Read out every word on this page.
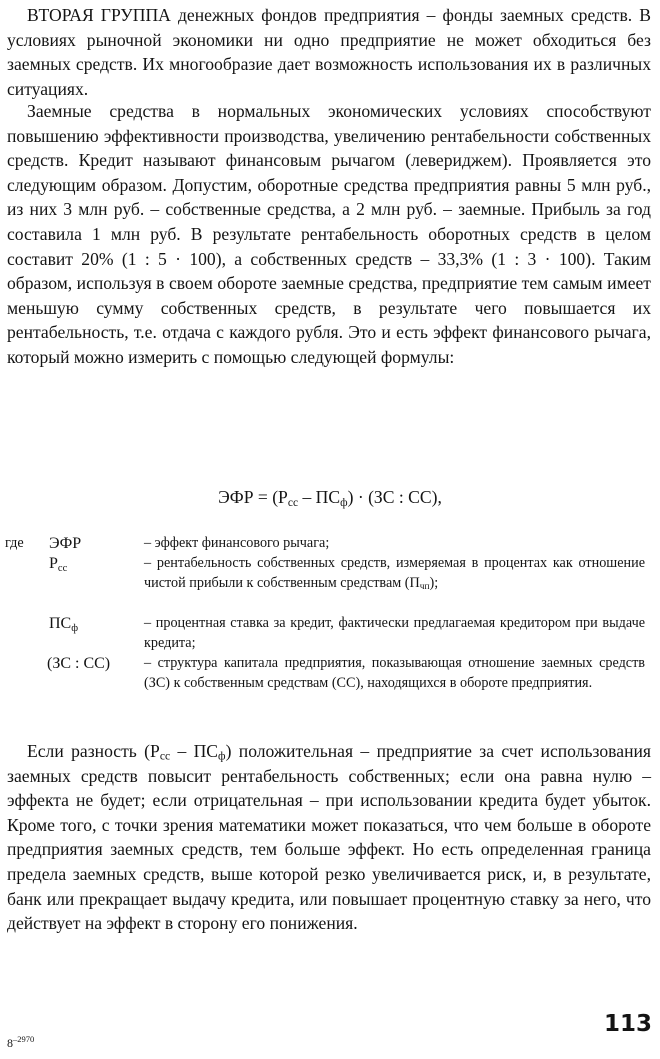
ВТОРАЯ ГРУППА денежных фондов предприятия – фонды заемных средств. В условиях рыночной экономики ни одно предприятие не может обходиться без заемных средств. Их многообразие дает возможность использования их в различных ситуациях.

Заемные средства в нормальных экономических условиях способствуют повышению эффективности производства, увеличению рентабельности собственных средств. Кредит называют финансовым рычагом (левериджем). Проявляется это следующим образом. Допустим, оборотные средства предприятия равны 5 млн руб., из них 3 млн руб. – собственные средства, а 2 млн руб. – заемные. Прибыль за год составила 1 млн руб. В результате рентабельность оборотных средств в целом составит 20% (1 : 5 · 100), а собственных средств – 33,3% (1 : 3 · 100). Таким образом, используя в своем обороте заемные средства, предприятие тем самым имеет меньшую сумму собственных средств, в результате чего повышается их рентабельность, т.е. отдача с каждого рубля. Это и есть эффект финансового рычага, который можно измерить с помощью следующей формулы:

ЭФР = $(Р_{сс} - ПС_ф) \cdot (ЗС$ : СС),
где ЭФР	– эффект финансового рычага;

$Р_{сс}$	– рентабельность собственных средств, измеряемая в процентах как отношение чистой прибыли к собственным средствам $(П_{чп})$;

$ПС_ф$	– процентная ставка за кредит, фактически предлагаемая кредитором при выдаче кредита;

(ЗС : СС) – структура капитала предприятия, показывающая отношение заемных средств (ЗС) к собственным средствам (СС), находящихся в обороте предприятия.

Если разность $(Р_{сс} - ПС_ф)$ положительная – предприятие за счет использования заемных средств повысит рентабельность собственных; если она равна нулю – эффекта не будет; если отрицательная – при использовании кредита будет убыток. Кроме того, с точки зрения математики может показаться, что чем больше в обороте предприятия заемных средств, тем больше эффект. Но есть определенная граница предела заемных средств, выше которой резко увеличивается риск, и, в результате, банк или прекращает выдачу кредита, или повышает процентную ставку за него, что действует на эффект в сторону его понижения.

113
$8^{-2970}$
